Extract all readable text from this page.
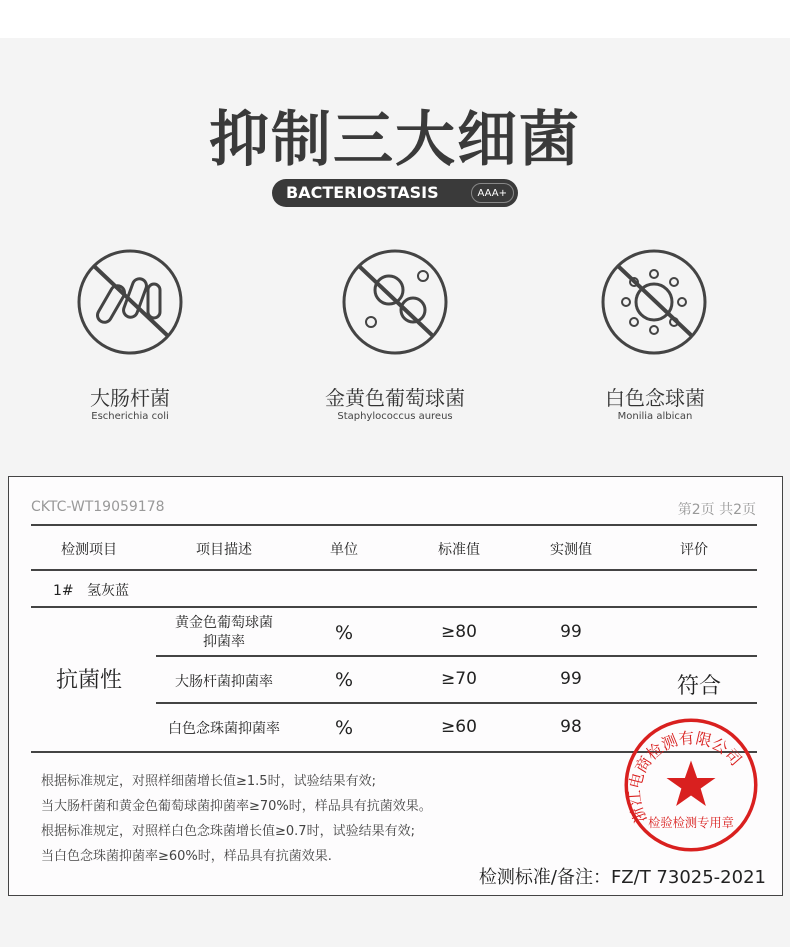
抑制三大细菌
BACTERIOSTASIS	AAA+
大肠杆菌
Escherichia coli
金黄色葡萄球菌
Staphylococcus aureus
白色念球菌
Monilia albican
CKTC-WT19059178	第2页 共2页
检测项目	项目描述	单位	标准值	实测值	评价
1#   氢灰蓝
抗菌性
黄金色葡萄球菌
抑菌率	%	≥80	99
大肠杆菌抑菌率	%	≥70	99	符合
白色念珠菌抑菌率	%	≥60	98
根据标准规定，对照样细菌增长值≥1.5时，试验结果有效;
当大肠杆菌和黄金色葡萄球菌抑菌率≥70%时，样品具有抗菌效果。
根据标准规定，对照样白色念珠菌增长值≥0.7时，试验结果有效;
当白色念珠菌抑菌率≥60%时，样品具有抗菌效果.
浙江电商检测有限公司
检验检测专用章
检测标准/备注：FZ/T 73025-2021
